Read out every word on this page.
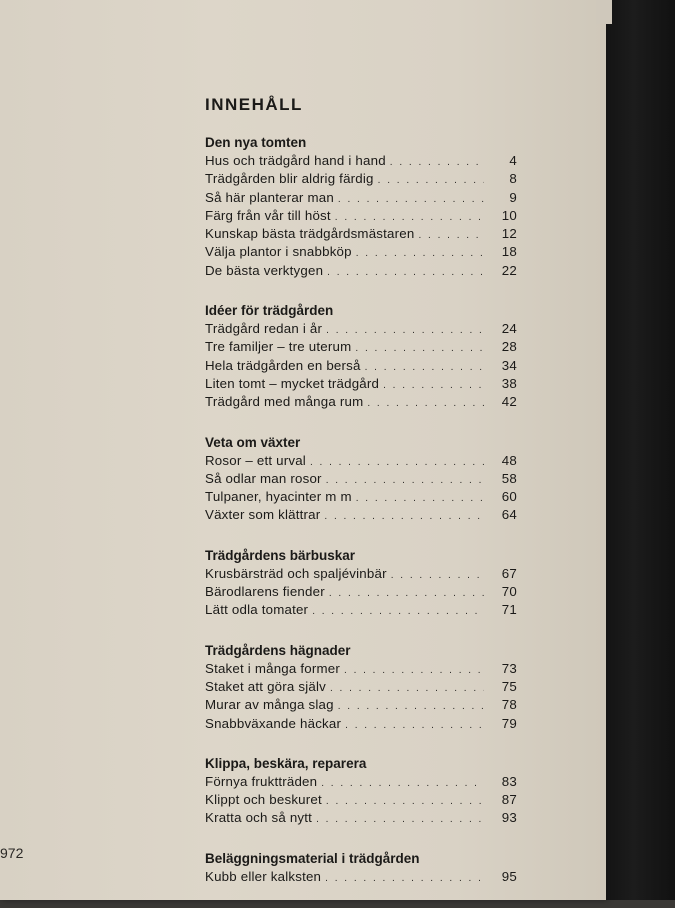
972
INNEHÅLL
Den nya tomten
Hus och trädgård hand i hand . . .	4
Trädgården blir aldrig färdig . . .	8
Så här planterar man . . .	9
Färg från vår till höst . . .	10
Kunskap bästa trädgårdsmästaren . . .	12
Välja plantor i snabbköp . . .	18
De bästa verktygen . . .	22
Idéer för trädgården
Trädgård redan i år . . .	24
Tre familjer – tre uterum . . .	28
Hela trädgården en berså . . .	34
Liten tomt – mycket trädgård . . .	38
Trädgård med många rum . . .	42
Veta om växter
Rosor – ett urval . . .	48
Så odlar man rosor . . .	58
Tulpaner, hyacinter m m . . .	60
Växter som klättrar . . .	64
Trädgårdens bärbuskar
Krusbärsträd och spaljévinbär . . .	67
Bärodlarens fiender . . .	70
Lätt odla tomater . . .	71
Trädgårdens hägnader
Staket i många former . . .	73
Staket att göra själv . . .	75
Murar av många slag . . .	78
Snabbväxande häckar . . .	79
Klippa, beskära, reparera
Förnya fruktträden . . .	83
Klippt och beskuret . . .	87
Kratta och så nytt . . .	93
Beläggningsmaterial i trädgården
Kubb eller kalksten . . .	95
